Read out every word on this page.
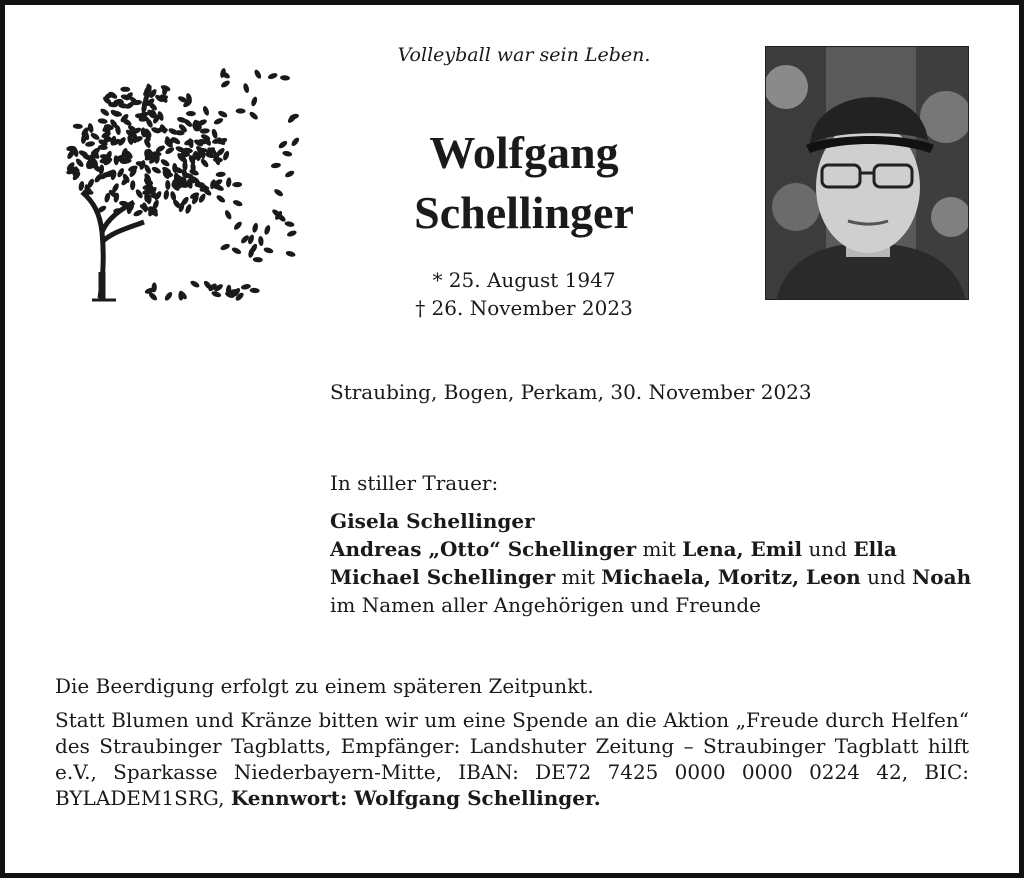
Volleyball war sein Leben.
Wolfgang
Schellinger
* 25. August 1947
† 26. November 2023
Straubing, Bogen, Perkam, 30. November 2023
In stiller Trauer:
Gisela Schellinger
Andreas „Otto“ Schellinger mit Lena, Emil und Ella
Michael Schellinger mit Michaela, Moritz, Leon und Noah
im Namen aller Angehörigen und Freunde

Die Beerdigung erfolgt zu einem späteren Zeitpunkt.

Statt Blumen und Kränze bitten wir um eine Spende an die Aktion „Freude durch Helfen“ des Straubinger Tagblatts, Empfänger: Landshuter Zeitung – Straubinger Tagblatt hilft e.V., Sparkasse Niederbayern-Mitte, IBAN: DE72 7425 0000 0000 0224 42, BIC: BYLADEM1SRG, Kennwort: Wolfgang Schellinger.
